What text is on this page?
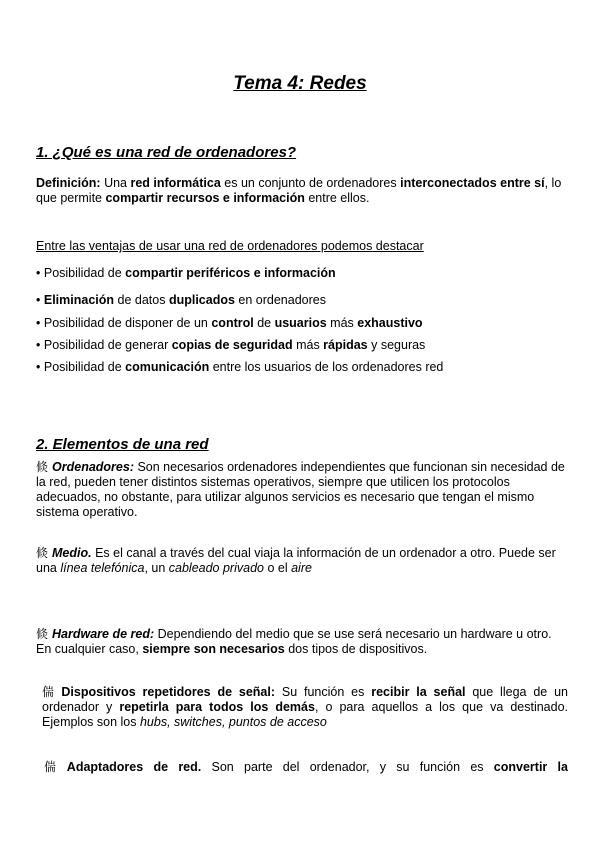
Tema 4: Redes
1. ¿Qué es una red de ordenadores?

Definición: Una red informática es un conjunto de ordenadores interconectados entre sí, lo que permite compartir recursos e información entre ellos.

Entre las ventajas de usar una red de ordenadores podemos destacar

• Posibilidad de compartir periféricos e información

• Eliminación de datos duplicados en ordenadores

• Posibilidad de disponer de un control de usuarios más exhaustivo

• Posibilidad de generar copias de seguridad más rápidas y seguras

• Posibilidad de comunicación entre los usuarios de los ordenadores red

2. Elementos de una red

倐 Ordenadores: Son necesarios ordenadores independientes que funcionan sin necesidad de la red, pueden tener distintos sistemas operativos, siempre que utilicen los protocolos adecuados, no obstante, para utilizar algunos servicios es necesario que tengan el mismo sistema operativo.

倐 Medio. Es el canal a través del cual viaja la información de un ordenador a otro. Puede ser una línea telefónica, un cableado privado o el aire

倐 Hardware de red: Dependiendo del medio que se use será necesario un hardware u otro. En cualquier caso, siempre son necesarios dos tipos de dispositivos.

偳 Dispositivos repetidores de señal: Su función es recibir la señal que llega de un ordenador y repetirla para todos los demás, o para aquellos a los que va destinado. Ejemplos son los hubs, switches, puntos de acceso

偳 Adaptadores de red. Son parte del ordenador, y su función es convertir la
